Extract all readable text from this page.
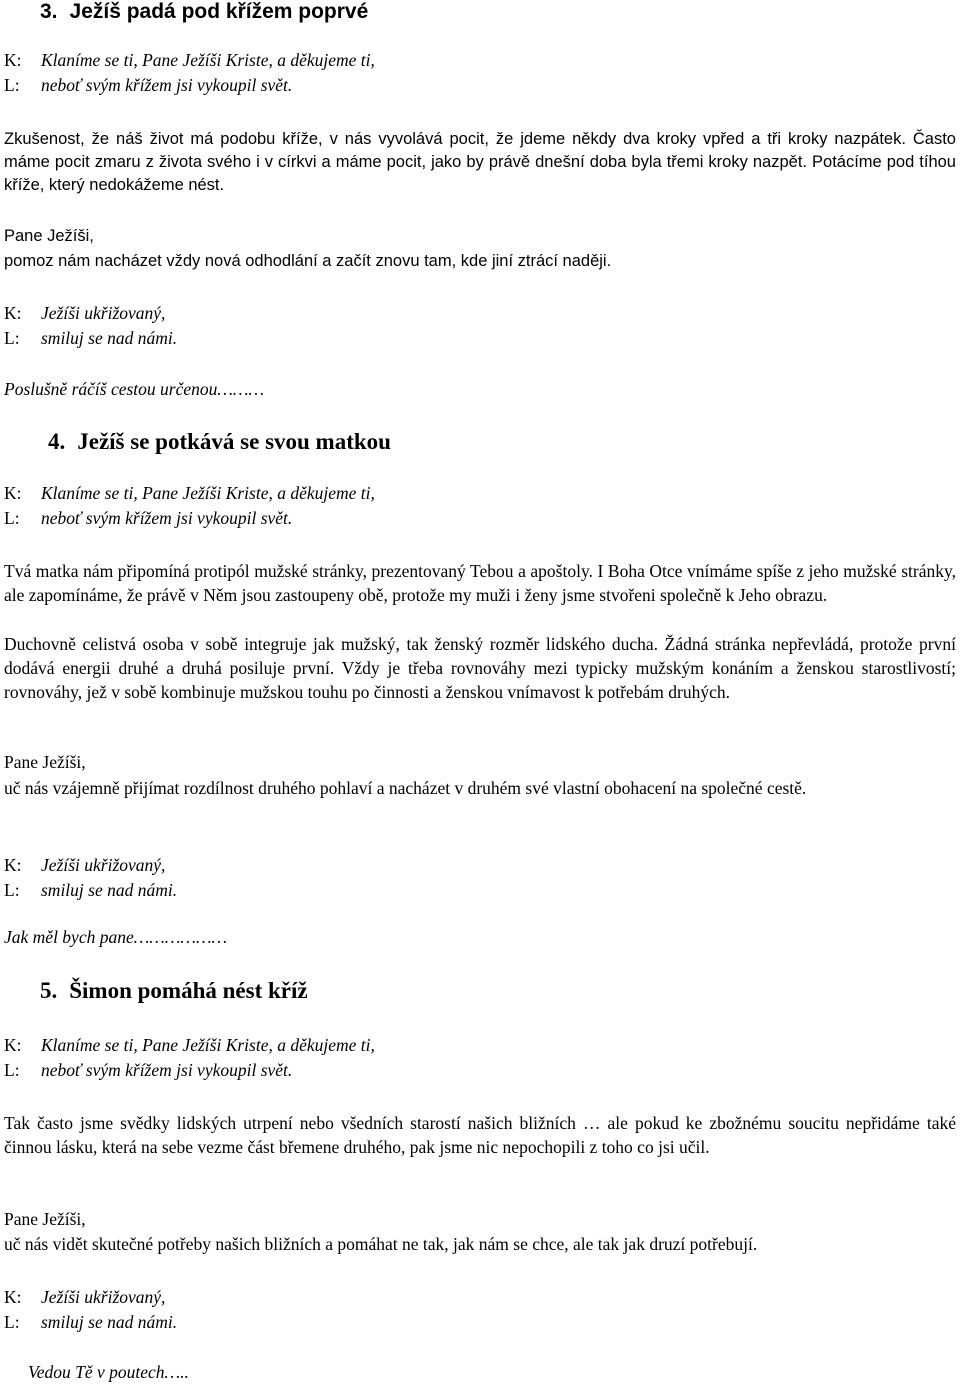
3. Ježíš padá pod křížem poprvé
K: Klaníme se ti, Pane Ježíši Kriste, a děkujeme ti,
L: neboť svým křížem jsi vykoupil svět.

Zkušenost, že náš život má podobu kříže, v nás vyvolává pocit, že jdeme někdy dva kroky vpřed a tři kroky nazpátek. Často máme pocit zmaru z života svého i v církvi a máme pocit, jako by právě dnešní doba byla třemi kroky nazpět. Potácíme pod tíhou kříže, který nedokážeme nést.

Pane Ježíši,

pomoz nám nacházet vždy nová odhodlání a začít znovu tam, kde jiní ztrácí naději.

K: Ježíši ukřižovaný,
L: smiluj se nad námi.

Poslušně ráčíš cestou určenou………

4. Ježíš se potkává se svou matkou
K: Klaníme se ti, Pane Ježíši Kriste, a děkujeme ti,
L: neboť svým křížem jsi vykoupil svět.

Tvá matka nám připomíná protipól mužské stránky, prezentovaný Tebou a apoštoly. I Boha Otce vnímáme spíše z jeho mužské stránky, ale zapomínáme, že právě v Něm jsou zastoupeny obě, protože my muži i ženy jsme stvořeni společně k Jeho obrazu.

Duchovně celistvá osoba v sobě integruje jak mužský, tak ženský rozměr lidského ducha. Žádná stránka nepřevládá, protože první dodává energii druhé a druhá posiluje první. Vždy je třeba rovnováhy mezi typicky mužským konáním a ženskou starostlivostí; rovnováhy, jež v sobě kombinuje mužskou touhu po činnosti a ženskou vnímavost k potřebám druhých.

Pane Ježíši,

uč nás vzájemně přijímat rozdílnost druhého pohlaví a nacházet v druhém své vlastní obohacení na společné cestě.

K: Ježíši ukřižovaný,
L: smiluj se nad námi.

Jak měl bych pane………………

5. Šimon pomáhá nést kříž
K: Klaníme se ti, Pane Ježíši Kriste, a děkujeme ti,
L: neboť svým křížem jsi vykoupil svět.

Tak často jsme svědky lidských utrpení nebo všedních starostí našich bližních … ale pokud ke zbožnému soucitu nepřidáme také činnou lásku, která na sebe vezme část břemene druhého, pak jsme nic nepochopili z toho co jsi učil.

Pane Ježíši,

uč nás vidět skutečné potřeby našich bližních a pomáhat ne tak, jak nám se chce, ale tak jak druzí potřebují.

K: Ježíši ukřižovaný,
L: smiluj se nad námi.

Vedou Tě v poutech…..
